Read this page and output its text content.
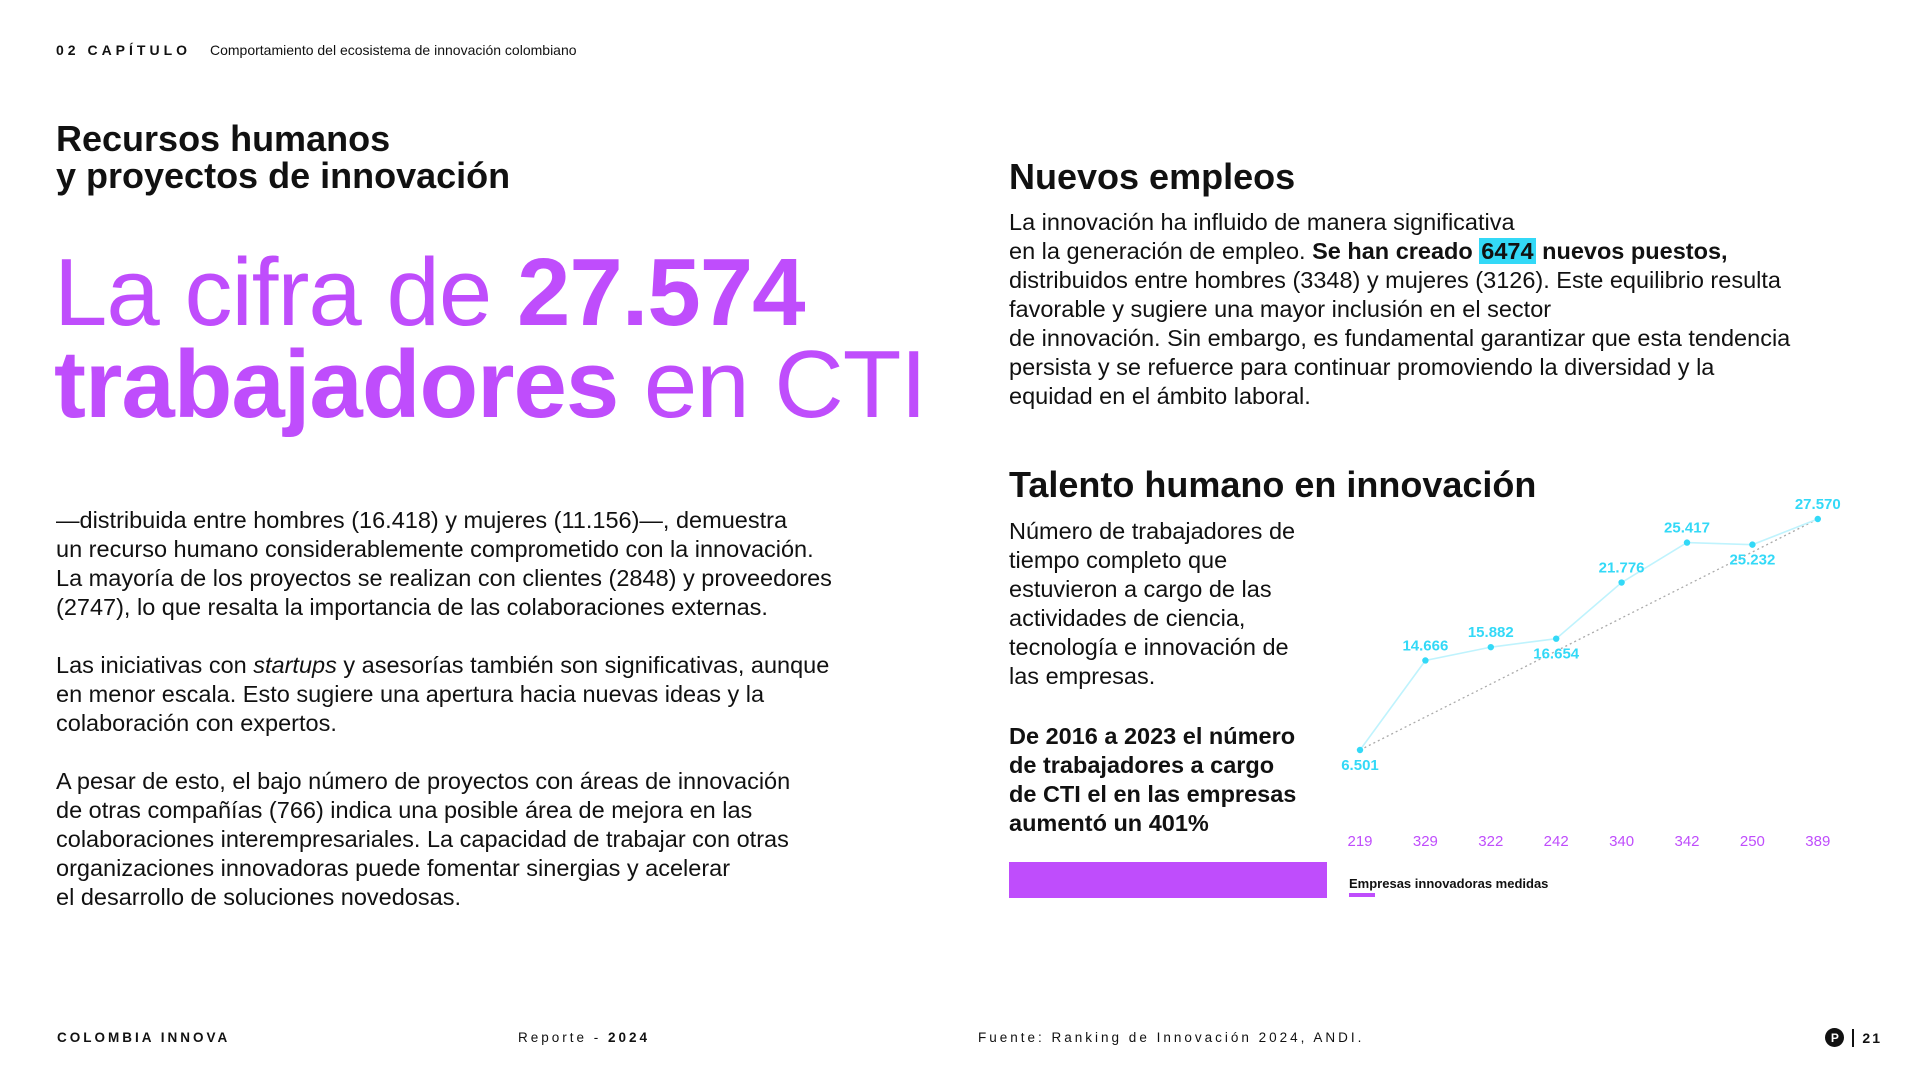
02 CAPÍTULO Comportamiento del ecosistema de innovación colombiano
Recursos humanos
y proyectos de innovación
La cifra de 27.574
trabajadores en CTI

—distribuida entre hombres (16.418) y mujeres (11.156)—, demuestra
un recurso humano considerablemente comprometido con la innovación.
La mayoría de los proyectos se realizan con clientes (2848) y proveedores
(2747), lo que resalta la importancia de las colaboraciones externas.

Las iniciativas con startups y asesorías también son significativas, aunque
en menor escala. Esto sugiere una apertura hacia nuevas ideas y la
colaboración con expertos.

A pesar de esto, el bajo número de proyectos con áreas de innovación
de otras compañías (766) indica una posible área de mejora en las
colaboraciones interempresariales. La capacidad de trabajar con otras
organizaciones innovadoras puede fomentar sinergias y acelerar
el desarrollo de soluciones novedosas.

Nuevos empleos
La innovación ha influido de manera significativa
en la generación de empleo. Se han creado 6474 nuevos puestos,
distribuidos entre hombres (3348) y mujeres (3126). Este equilibrio resulta
favorable y sugiere una mayor inclusión en el sector
de innovación. Sin embargo, es fundamental garantizar que esta tendencia
persista y se refuerce para continuar promoviendo la diversidad y la
equidad en el ámbito laboral.
Talento humano en innovación
Número de trabajadores de
tiempo completo que
estuvieron a cargo de las
actividades de ciencia,
tecnología e innovación de
las empresas.
De 2016 a 2023 el número
de trabajadores a cargo
de CTI el en las empresas
aumentó un 401%
6.501
14.666
15.882
16.654
21.776
25.417
25.232
27.570
219	329	322	242	340	342	250	389
Empresas innovadoras medidas
COLOMBIA INNOVA	Reporte - 2024	Fuente: Ranking de Innovación 2024, ANDI.	P	21
